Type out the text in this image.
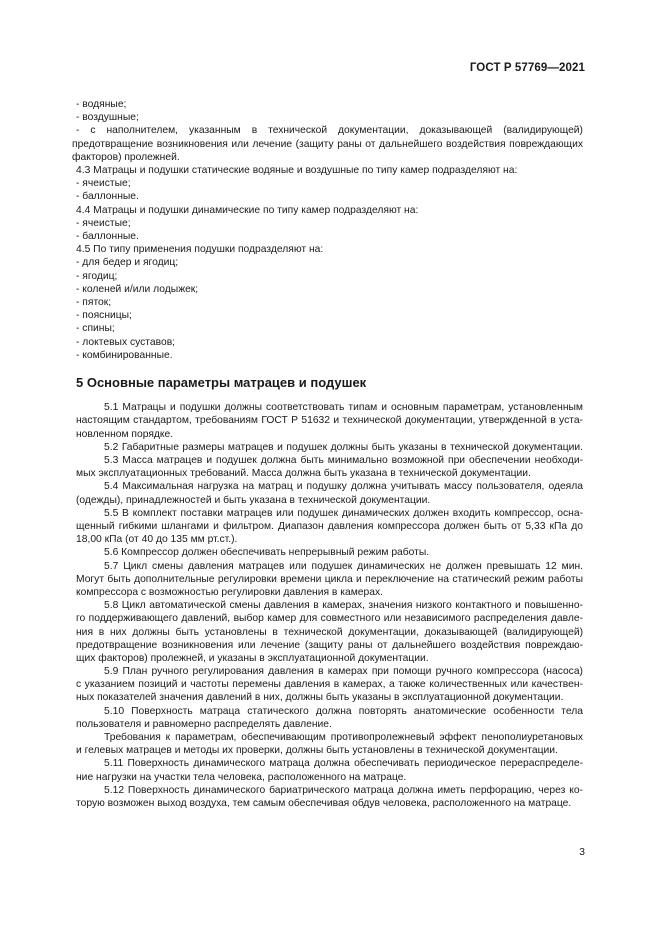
ГОСТ Р 57769—2021
- водяные;
- воздушные;
- с наполнителем, указанным в технической документации, доказывающей (валидирующей)
предотвращение возникновения или лечение (защиту раны от дальнейшего воздействия повреждающих
факторов) пролежней.
4.3 Матрацы и подушки статические водяные и воздушные по типу камер подразделяют на:
- ячеистые;
- баллонные.
4.4 Матрацы и подушки динамические по типу камер подразделяют на:
- ячеистые;
- баллонные.
4.5 По типу применения подушки подразделяют на:
- для бедер и ягодиц;
- ягодиц;
- коленей и/или лодыжек;
- пяток;
- поясницы;
- спины;
- локтевых суставов;
- комбинированные.
5 Основные параметры матрацев и подушек
5.1 Матрацы и подушки должны соответствовать типам и основным параметрам, установленным
настоящим стандартом, требованиям ГОСТ Р 51632 и технической документации, утвержденной в уста-
новленном порядке.
5.2 Габаритные размеры матрацев и подушек должны быть указаны в технической документации.
5.3 Масса матрацев и подушек должна быть минимально возможной при обеспечении необходи-
мых эксплуатационных требований. Масса должна быть указана в технической документации.
5.4 Максимальная нагрузка на матрац и подушку должна учитывать массу пользователя, одеяла
(одежды), принадлежностей и быть указана в технической документации.
5.5 В комплект поставки матрацев или подушек динамических должен входить компрессор, осна-
щенный гибкими шлангами и фильтром. Диапазон давления компрессора должен быть от 5,33 кПа до
18,00 кПа (от 40 до 135 мм рт.ст.).
5.6 Компрессор должен обеспечивать непрерывный режим работы.
5.7 Цикл смены давления матрацев или подушек динамических не должен превышать 12 мин.
Могут быть дополнительные регулировки времени цикла и переключение на статический режим работы
компрессора с возможностью регулировки давления в камерах.
5.8 Цикл автоматической смены давления в камерах, значения низкого контактного и повышенно-
го поддерживающего давлений, выбор камер для совместного или независимого распределения давле-
ния в них должны быть установлены в технической документации, доказывающей (валидирующей)
предотвращение возникновения или лечение (защиту раны от дальнейшего воздействия повреждаю-
щих факторов) пролежней, и указаны в эксплуатационной документации.
5.9 План ручного регулирования давления в камерах при помощи ручного компрессора (насоса)
с указанием позиций и частоты перемены давления в камерах, а также количественных или качествен-
ных показателей значения давлений в них, должны быть указаны в эксплуатационной документации.
5.10 Поверхность матраца статического должна повторять анатомические особенности тела
пользователя и равномерно распределять давление.
Требования к параметрам, обеспечивающим противопролежневый эффект пенополиуретановых
и гелевых матрацев и методы их проверки, должны быть установлены в технической документации.
5.11 Поверхность динамического матраца должна обеспечивать периодическое перераспределе-
ние нагрузки на участки тела человека, расположенного на матраце.
5.12 Поверхность динамического бариатрического матраца должна иметь перфорацию, через ко-
торую возможен выход воздуха, тем самым обеспечивая обдув человека, расположенного на матраце.
3
